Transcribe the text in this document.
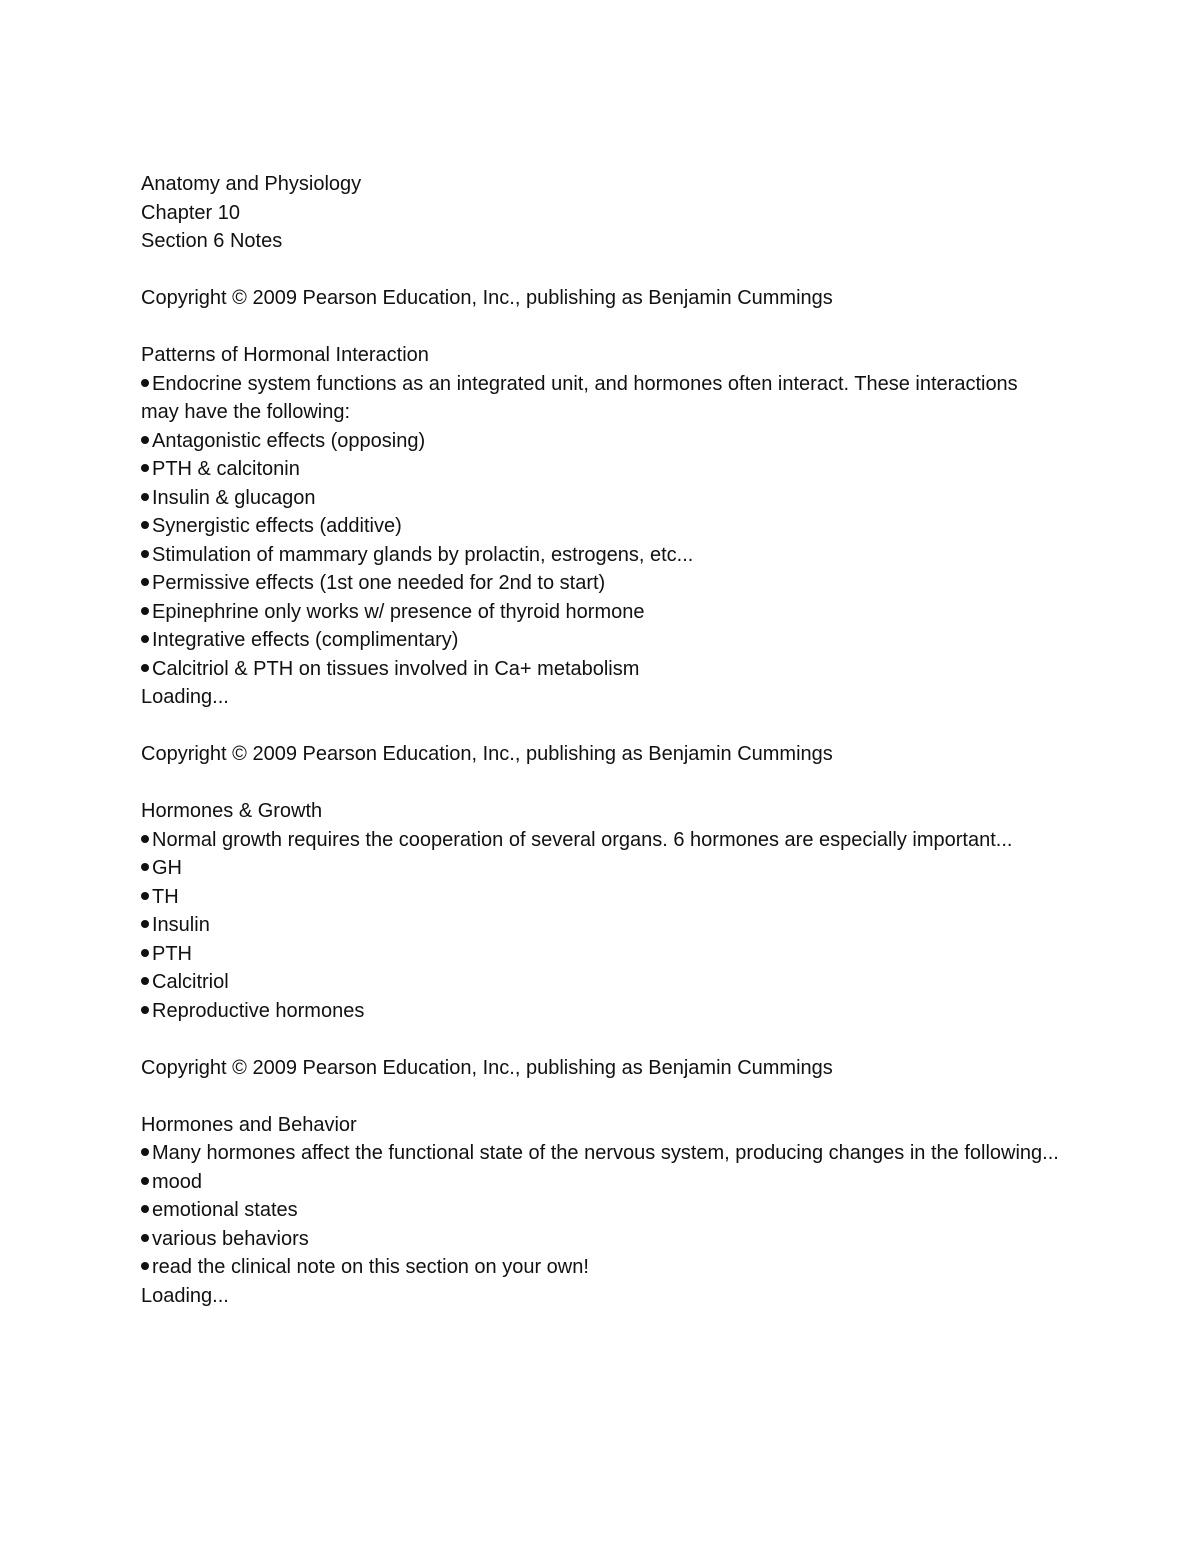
Anatomy and Physiology
Chapter 10
Section 6 Notes
Copyright © 2009 Pearson Education, Inc., publishing as Benjamin Cummings
Patterns of Hormonal Interaction
Endocrine system functions as an integrated unit, and hormones often interact. These interactions may have the following:
Antagonistic effects (opposing)
PTH & calcitonin
Insulin & glucagon
Synergistic effects (additive)
Stimulation of mammary glands by prolactin, estrogens, etc...
Permissive effects (1st one needed for 2nd to start)
Epinephrine only works w/ presence of thyroid hormone
Integrative effects (complimentary)
Calcitriol & PTH on tissues involved in Ca+ metabolism
Loading...
Copyright © 2009 Pearson Education, Inc., publishing as Benjamin Cummings
Hormones & Growth
Normal growth requires the cooperation of several organs. 6 hormones are especially important...
GH
TH
Insulin
PTH
Calcitriol
Reproductive hormones
Copyright © 2009 Pearson Education, Inc., publishing as Benjamin Cummings
Hormones and Behavior
Many hormones affect the functional state of the nervous system, producing changes in the following...
mood
emotional states
various behaviors
read the clinical note on this section on your own!
Loading...
